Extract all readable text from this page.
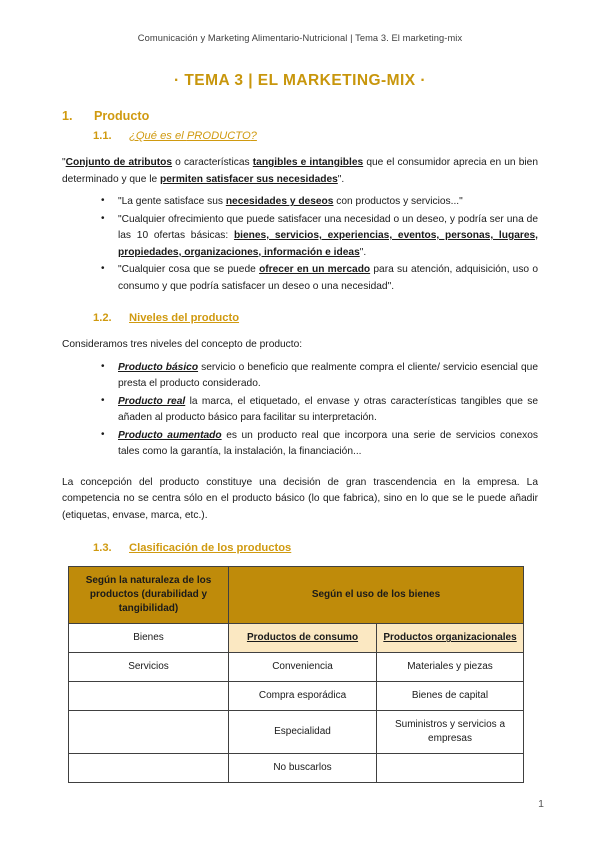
Comunicación y Marketing Alimentario-Nutricional | Tema 3. El marketing-mix
· TEMA 3 | EL MARKETING-MIX ·
1.	Producto
1.1.	¿Qué es el PRODUCTO?

"Conjunto de atributos o características tangibles e intangibles que el consumidor aprecia en un bien determinado y que le permiten satisfacer sus necesidades".

• "La gente satisface sus necesidades y deseos con productos y servicios..."
• "Cualquier ofrecimiento que puede satisfacer una necesidad o un deseo, y podría ser una de las 10 ofertas básicas: bienes, servicios, experiencias, eventos, personas, lugares, propiedades, organizaciones, información e ideas".
• "Cualquier cosa que se puede ofrecer en un mercado para su atención, adquisición, uso o consumo y que podría satisfacer un deseo o una necesidad".
1.2.	Niveles del producto

Consideramos tres niveles del concepto de producto:

• Producto básico servicio o beneficio que realmente compra el cliente/ servicio esencial que presta el producto considerado.
• Producto real la marca, el etiquetado, el envase y otras características tangibles que se añaden al producto básico para facilitar su interpretación.
• Producto aumentado es un producto real que incorpora una serie de servicios conexos tales como la garantía, la instalación, la financiación...

La concepción del producto constituye una decisión de gran trascendencia en la empresa. La competencia no se centra sólo en el producto básico (lo que fabrica), sino en lo que se le puede añadir (etiquetas, envase, marca, etc.).

1.3.	Clasificación de los productos
Según la naturaleza de los productos (durabilidad y tangibilidad)	Según el uso de los bienes	
Bienes	Productos de consumo	Productos organizacionales
Servicios	Conveniencia	Materiales y piezas
	Compra esporádica	Bienes de capital
	Especialidad	Suministros y servicios a empresas
	No buscarlos	
1
